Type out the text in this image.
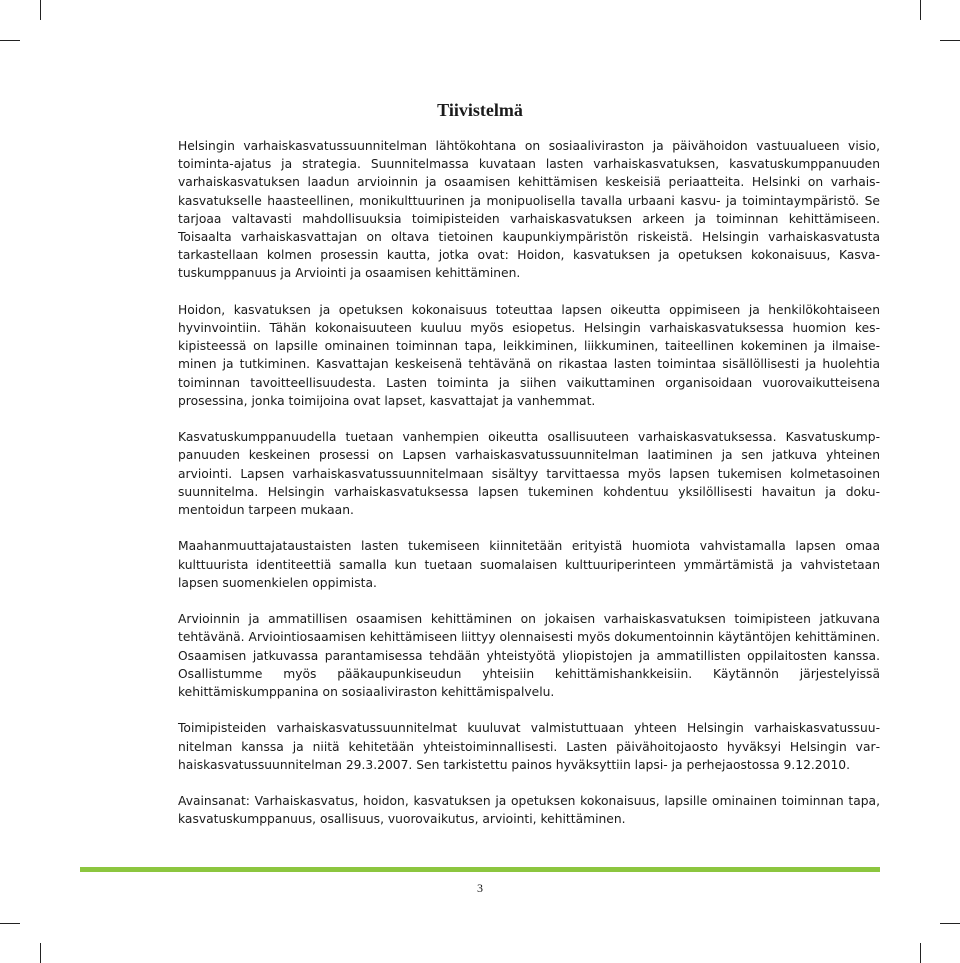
Tiivistelmä

Helsingin varhaiskasvatussuunnitelman lähtökohtana on sosiaaliviraston ja päivähoidon vastuualueen visio, toiminta-ajatus ja strategia. Suunnitelmassa kuvataan lasten varhaiskasvatuksen, kasvatuskumppanuuden varhaiskasvatuksen laadun arvioinnin ja osaamisen kehittämisen keskeisiä periaatteita. Helsinki on varhaiskasvatukselle haasteellinen, monikulttuurinen ja monipuolisella tavalla urbaani kasvu- ja toimintaympäristö. Se tarjoaa valtavasti mahdollisuuksia toimipisteiden varhaiskasvatuksen arkeen ja toiminnan kehittämiseen. Toisaalta varhaiskasvattajan on oltava tietoinen kaupunkiympäristön riskeistä. Helsingin varhaiskasvatusta tarkastellaan kolmen prosessin kautta, jotka ovat: Hoidon, kasvatuksen ja opetuksen kokonaisuus, Kasvatuskumppanuus ja Arviointi ja osaamisen kehittäminen.

Hoidon, kasvatuksen ja opetuksen kokonaisuus toteuttaa lapsen oikeutta oppimiseen ja henkilökohtaiseen hyvinvointiin. Tähän kokonaisuuteen kuuluu myös esiopetus. Helsingin varhaiskasvatuksessa huomion keskipisteessä on lapsille ominainen toiminnan tapa, leikkiminen, liikkuminen, taiteellinen kokeminen ja ilmaiseminen ja tutkiminen. Kasvattajan keskeisenä tehtävänä on rikastaa lasten toimintaa sisällöllisesti ja huolehtia toiminnan tavoitteellisuudesta. Lasten toiminta ja siihen vaikuttaminen organisoidaan vuorovaikutteisena prosessina, jonka toimijoina ovat lapset, kasvattajat ja vanhemmat.

Kasvatuskumppanuudella tuetaan vanhempien oikeutta osallisuuteen varhaiskasvatuksessa. Kasvatuskumppanuuden keskeinen prosessi on Lapsen varhaiskasvatussuunnitelman laatiminen ja sen jatkuva yhteinen arviointi. Lapsen varhaiskasvatussuunnitelmaan sisältyy tarvittaessa myös lapsen tukemisen kolmetasoinen suunnitelma. Helsingin varhaiskasvatuksessa lapsen tukeminen kohdentuu yksilöllisesti havaitun ja dokumentoidun tarpeen mukaan.

Maahanmuuttajataustaisten lasten tukemiseen kiinnitetään erityistä huomiota vahvistamalla lapsen omaa kulttuurista identiteettiä samalla kun tuetaan suomalaisen kulttuuriperinteen ymmärtämistä ja vahvistetaan lapsen suomenkielen oppimista.

Arvioinnin ja ammatillisen osaamisen kehittäminen on jokaisen varhaiskasvatuksen toimipisteen jatkuvana tehtävänä. Arviointiosaamisen kehittämiseen liittyy olennaisesti myös dokumentoinnin käytäntöjen kehittäminen. Osaamisen jatkuvassa parantamisessa tehdään yhteistyötä yliopistojen ja ammatillisten oppilaitosten kanssa. Osallistumme myös pääkaupunkiseudun yhteisiin kehittämishankkeisiin. Käytännön järjestelyissä kehittämiskumppanina on sosiaaliviraston kehittämispalvelu.

Toimipisteiden varhaiskasvatussuunnitelmat kuuluvat valmistuttuaan yhteen Helsingin varhaiskasvatussuunitelman kanssa ja niitä kehitetään yhteistoiminnallisesti. Lasten päivähoitojaosto hyväksyi Helsingin varhaiskasvatussuunnitelman 29.3.2007. Sen tarkistettu painos hyväksyttiin lapsi- ja perhejaostossa 9.12.2010.

Avainsanat: Varhaiskasvatus, hoidon, kasvatuksen ja opetuksen kokonaisuus, lapsille ominainen toiminnan tapa, kasvatuskumppanuus, osallisuus, vuorovaikutus, arviointi, kehittäminen.

3
